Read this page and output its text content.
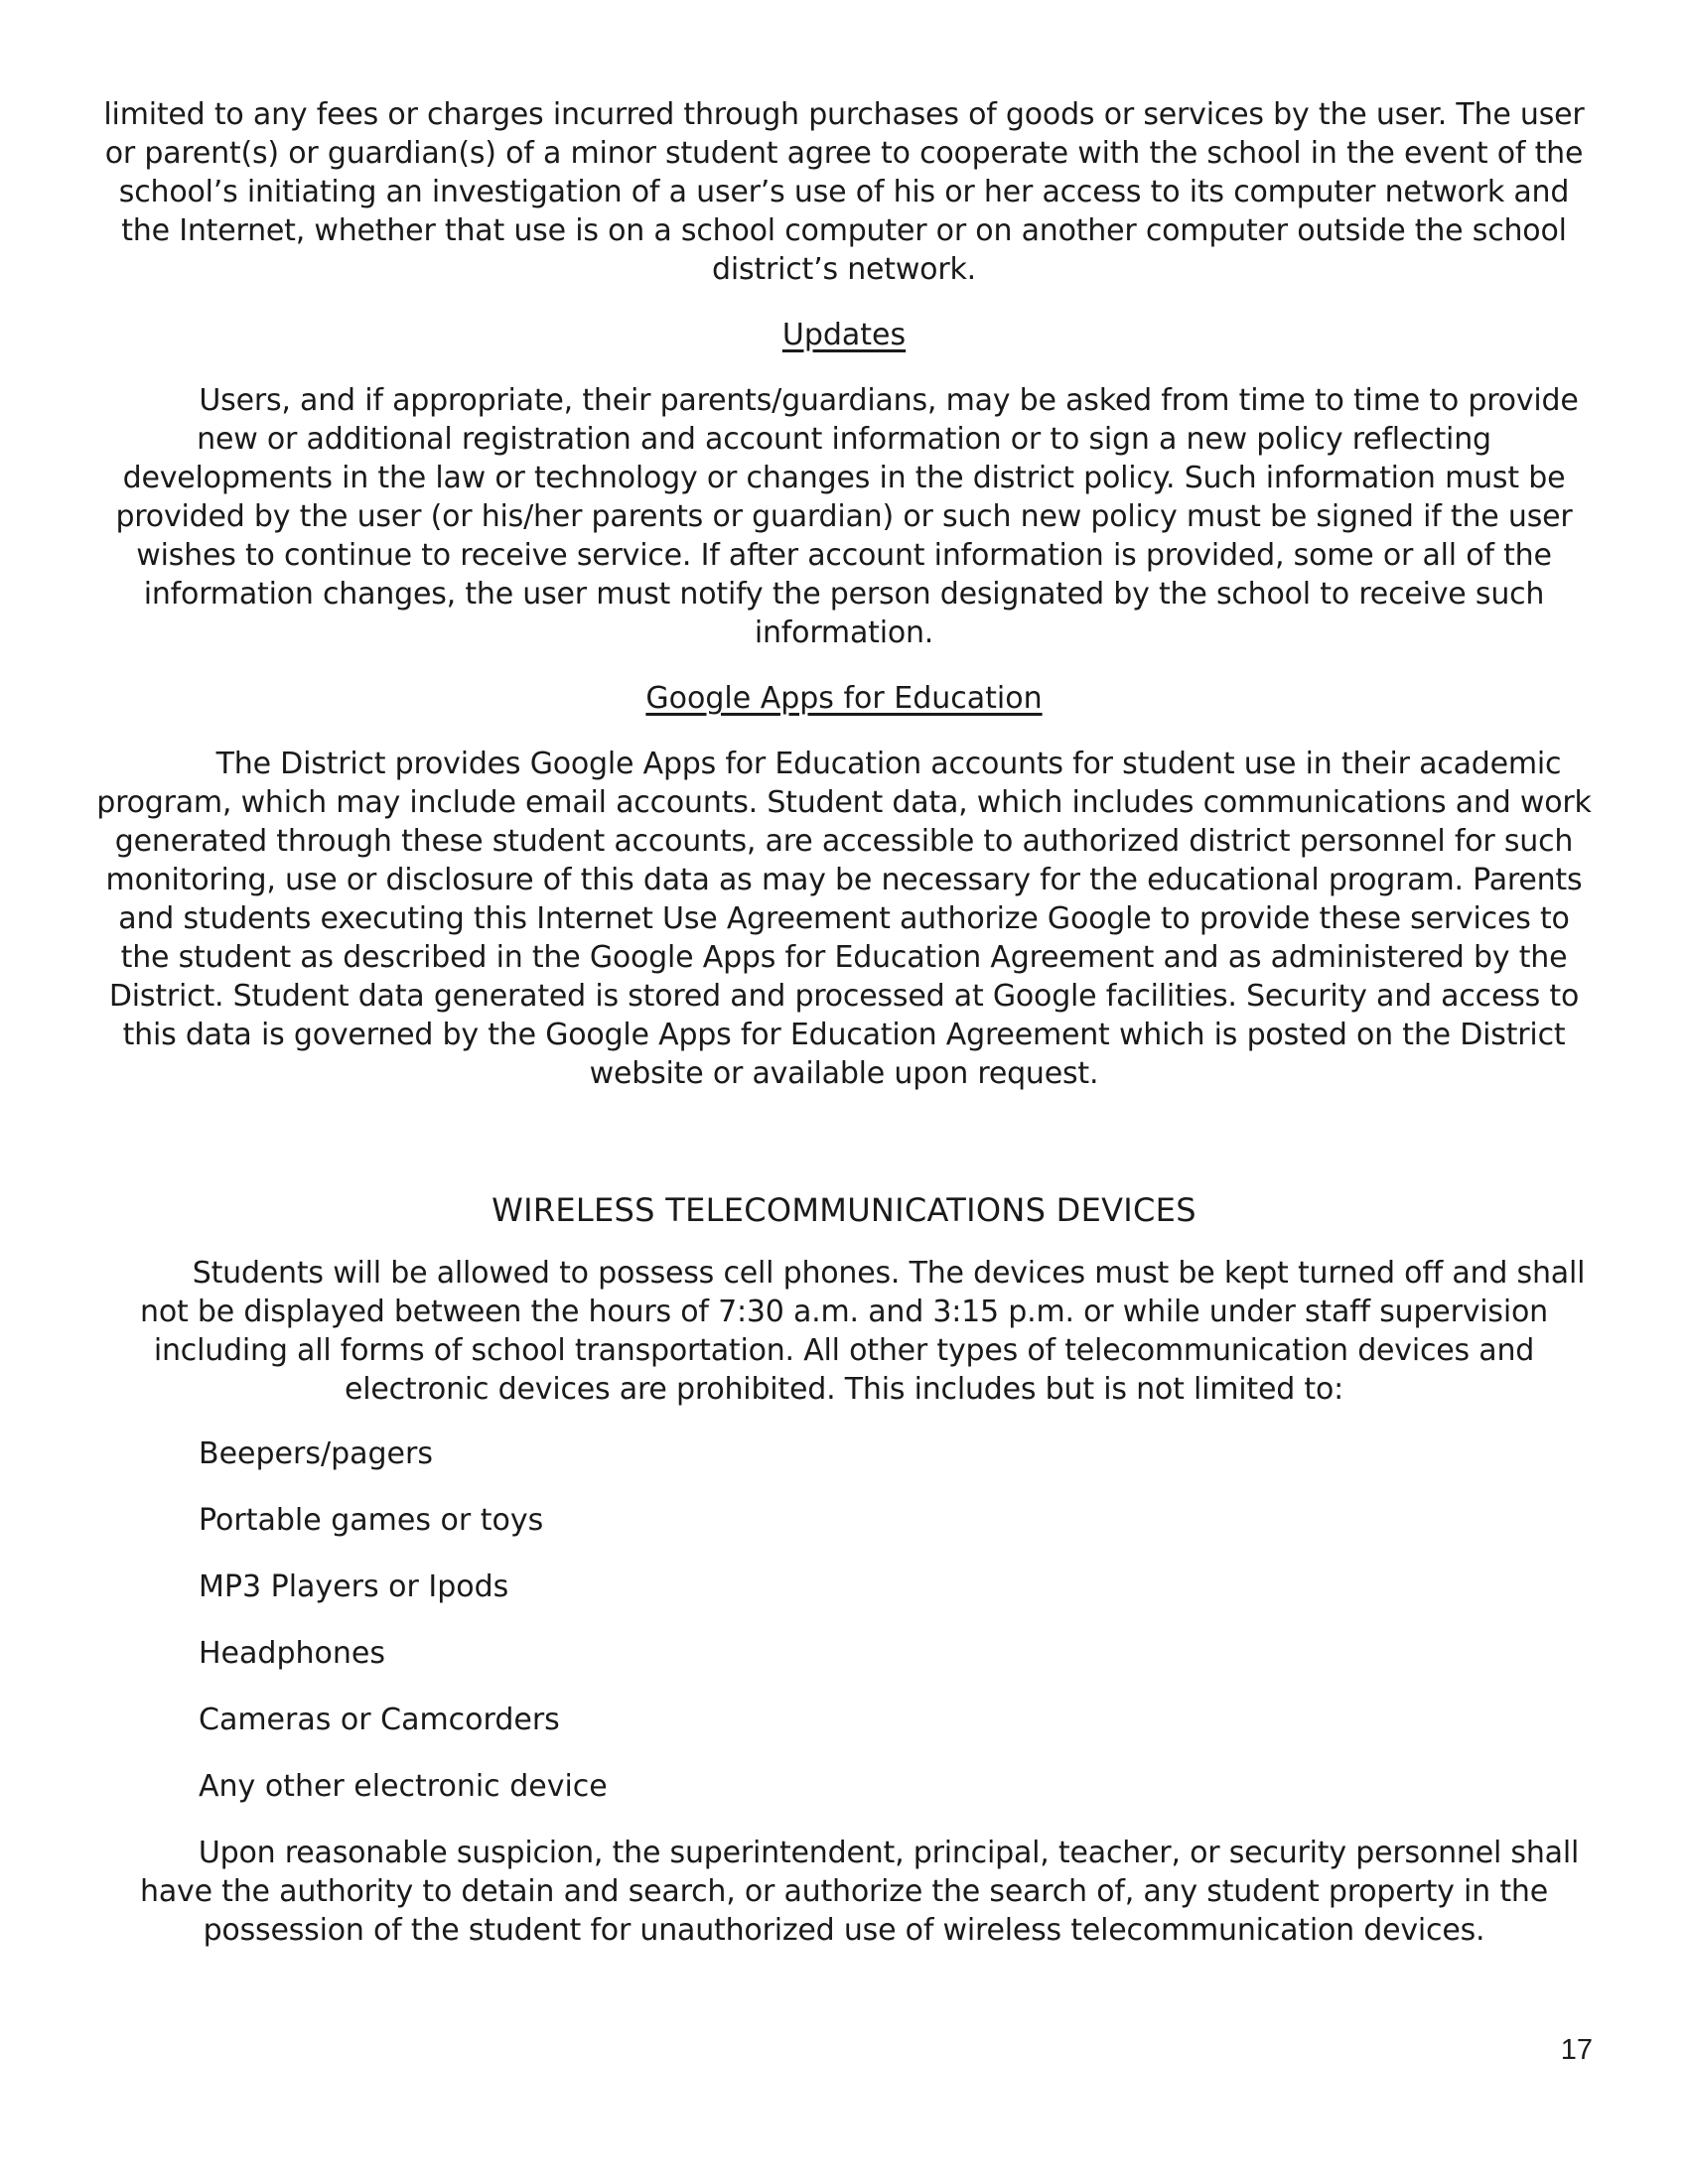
limited to any fees or charges incurred through purchases of goods or services by the user. The user or parent(s) or guardian(s) of a minor student agree to cooperate with the school in the event of the school’s initiating an investigation of a user’s use of his or her access to its computer network and the Internet, whether that use is on a school computer or on another computer outside the school district’s network.

Updates

Users, and if appropriate, their parents/guardians, may be asked from time to time to provide new or additional registration and account information or to sign a new policy reflecting developments in the law or technology or changes in the district policy. Such information must be provided by the user (or his/her parents or guardian) or such new policy must be signed if the user wishes to continue to receive service. If after account information is provided, some or all of the information changes, the user must notify the person designated by the school to receive such information.

Google Apps for Education

The District provides Google Apps for Education accounts for student use in their academic program, which may include email accounts. Student data, which includes communications and work generated through these student accounts, are accessible to authorized district personnel for such monitoring, use or disclosure of this data as may be necessary for the educational program. Parents and students executing this Internet Use Agreement authorize Google to provide these services to the student as described in the Google Apps for Education Agreement and as administered by the District. Student data generated is stored and processed at Google facilities. Security and access to this data is governed by the Google Apps for Education Agreement which is posted on the District website or available upon request.

WIRELESS TELECOMMUNICATIONS DEVICES

Students will be allowed to possess cell phones. The devices must be kept turned off and shall not be displayed between the hours of 7:30 a.m. and 3:15 p.m. or while under staff supervision including all forms of school transportation. All other types of telecommunication devices and electronic devices are prohibited. This includes but is not limited to:

Beepers/pagers
Portable games or toys
MP3 Players or Ipods
Headphones
Cameras or Camcorders
Any other electronic device

Upon reasonable suspicion, the superintendent, principal, teacher, or security personnel shall have the authority to detain and search, or authorize the search of, any student property in the possession of the student for unauthorized use of wireless telecommunication devices.

17
